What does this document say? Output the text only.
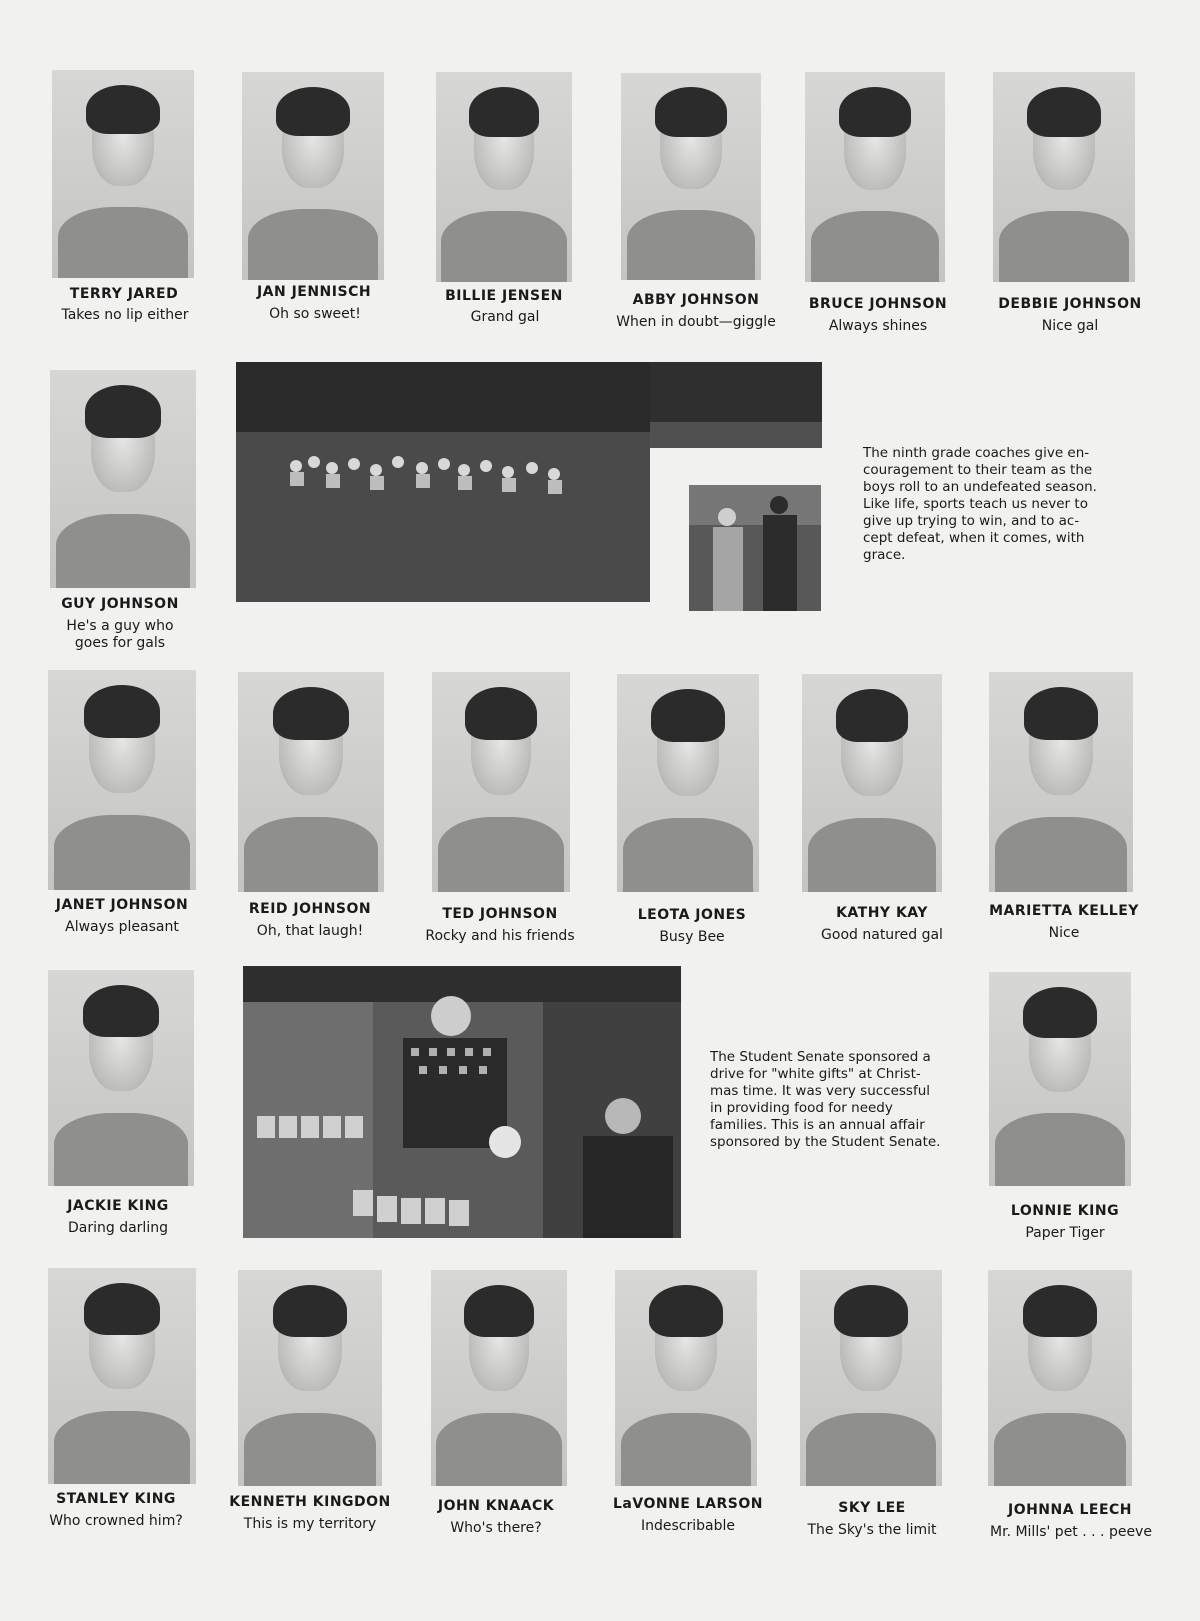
TERRY JARED
Takes no lip either
JAN JENNISCH
Oh so sweet!
BILLIE JENSEN
Grand gal
ABBY JOHNSON
When in doubt—giggle
BRUCE JOHNSON
Always shines
DEBBIE JOHNSON
Nice gal
GUY JOHNSON
He's a guy who
goes for gals
The ninth grade coaches give en-
couragement to their team as the
boys roll to an undefeated season.
Like life, sports teach us never to
give up trying to win, and to ac-
cept defeat, when it comes, with
grace.
JANET JOHNSON
Always pleasant
REID JOHNSON
Oh, that laugh!
TED JOHNSON
Rocky and his friends
LEOTA JONES
Busy Bee
KATHY KAY
Good natured gal
MARIETTA KELLEY
Nice
JACKIE KING
Daring darling
The Student Senate sponsored a
drive for "white gifts" at Christ-
mas time. It was very successful
in providing food for needy
families. This is an annual affair
sponsored by the Student Senate.
LONNIE KING
Paper Tiger
STANLEY KING
Who crowned him?
KENNETH KINGDON
This is my territory
JOHN KNAACK
Who's there?
LaVONNE LARSON
Indescribable
SKY LEE
The Sky's the limit
JOHNNA LEECH
Mr. Mills' pet . . . peeve
